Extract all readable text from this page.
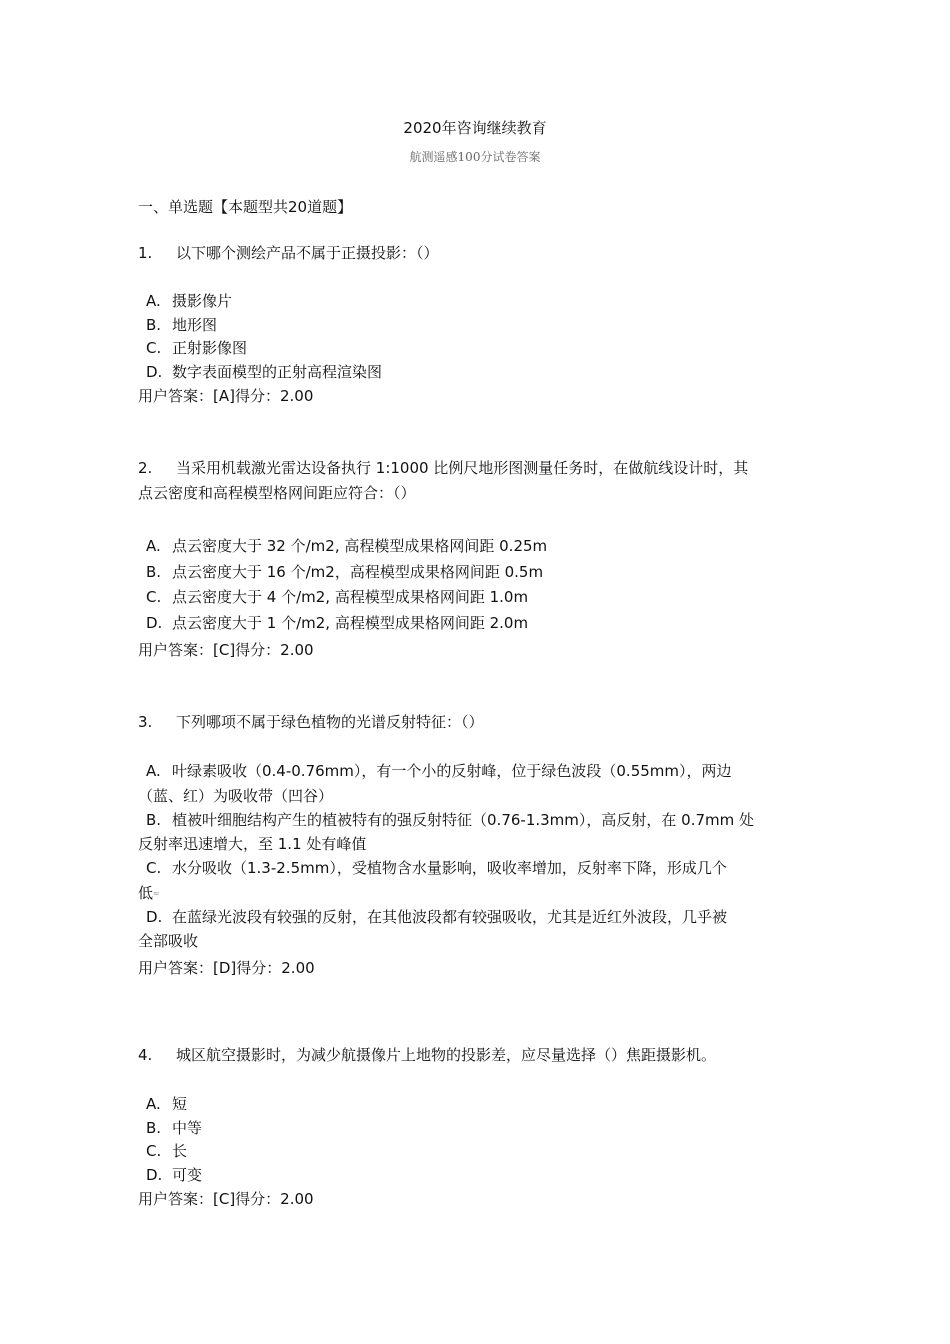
2020年咨询继续教育
航测遥感100分试卷答案
一、单选题【本题型共20道题】
1.	以下哪个测绘产品不属于正摄投影：（）
A. 摄影像片
B. 地形图
C. 正射影像图
D. 数字表面模型的正射高程渲染图
用户答案：[A]得分：2.00
2.	当采用机载激光雷达设备执行 1:1000 比例尺地形图测量任务时，在做航线设计时，其
点云密度和高程模型格网间距应符合：（）
A. 点云密度大于 32 个/m2, 高程模型成果格网间距 0.25m
B. 点云密度大于 16 个/m2，高程模型成果格网间距 0.5m
C. 点云密度大于 4 个/m2, 高程模型成果格网间距 1.0m
D. 点云密度大于 1 个/m2, 高程模型成果格网间距 2.0m
用户答案：[C]得分：2.00
3.	下列哪项不属于绿色植物的光谱反射特征：（）
A. 叶绿素吸收（0.4-0.76mm），有一个小的反射峰，位于绿色波段（0.55mm），两边
（蓝、红）为吸收带（凹谷）
B. 植被叶细胞结构产生的植被特有的强反射特征（0.76-1.3mm），高反射，在 0.7mm 处
反射率迅速增大，至 1.1 处有峰值
C. 水分吸收（1.3-2.5mm），受植物含水量影响，吸收率增加，反射率下降，形成几个
低≈
D. 在蓝绿光波段有较强的反射，在其他波段都有较强吸收，尤其是近红外波段，几乎被
全部吸收
用户答案：[D]得分：2.00
4.	城区航空摄影时，为减少航摄像片上地物的投影差，应尽量选择（）焦距摄影机。
A. 短
B. 中等
C. 长
D. 可变
用户答案：[C]得分：2.00
